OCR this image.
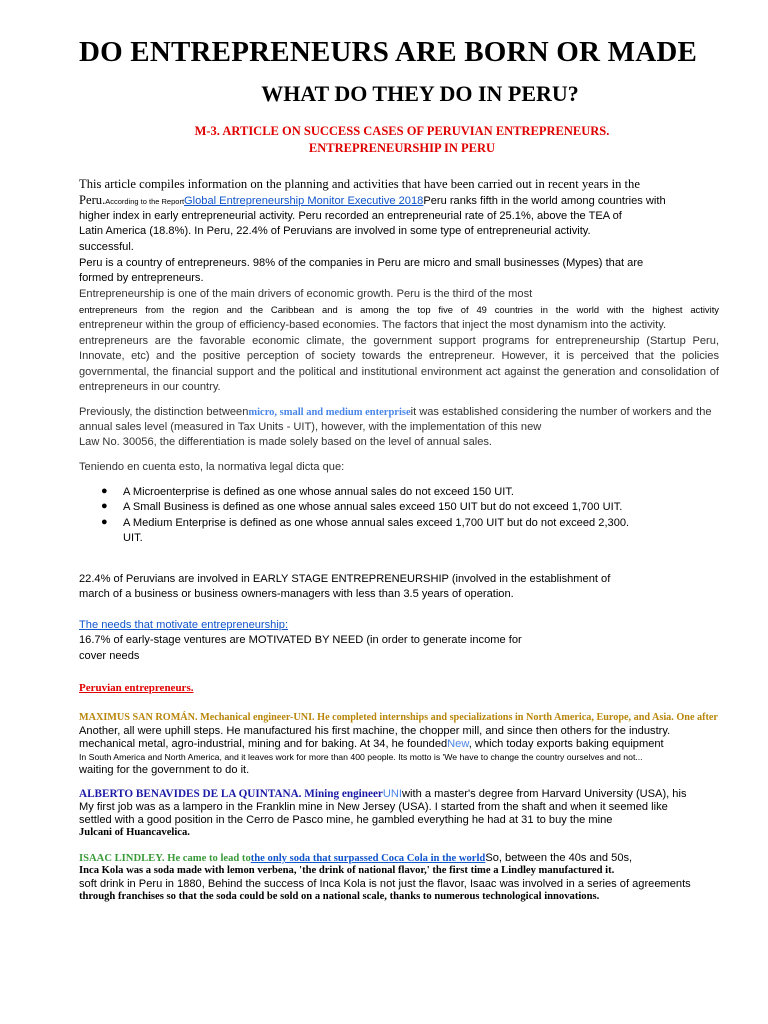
DO ENTREPRENEURS ARE BORN OR MADE
WHAT DO THEY DO IN PERU?
M-3. ARTICLE ON SUCCESS CASES OF PERUVIAN ENTREPRENEURS.
ENTREPRENEURSHIP IN PERU
This article compiles information on the planning and activities that have been carried out in recent years in the
Peru.According to the ReportGlobal Entrepreneurship Monitor Executive 2018Peru ranks fifth in the world among countries with
higher index in early entrepreneurial activity. Peru recorded an entrepreneurial rate of 25.1%, above the TEA of
Latin America (18.8%). In Peru, 22.4% of Peruvians are involved in some type of entrepreneurial activity.
successful.
Peru is a country of entrepreneurs. 98% of the companies in Peru are micro and small businesses (Mypes) that are
formed by entrepreneurs.
Entrepreneurship is one of the main drivers of economic growth. Peru is the third of the most
entrepreneurs from the region and the Caribbean and is among the top five of 49 countries in the world with the highest activity
entrepreneur within the group of efficiency-based economies. The factors that inject the most dynamism into the activity.
entrepreneurs are the favorable economic climate, the government support programs for entrepreneurship (Startup Peru,
Innovate, etc) and the positive perception of society towards the entrepreneur. However, it is perceived that the policies
governmental, the financial support and the political and institutional environment act against the generation and consolidation of
entrepreneurs in our country.
Previously, the distinction betweenmicro, small and medium enterpriseit was established considering the number of workers and the
annual sales level (measured in Tax Units - UIT), however, with the implementation of this new
Law No. 30056, the differentiation is made solely based on the level of annual sales.
Teniendo en cuenta esto, la normativa legal dicta que:
● A Microenterprise is defined as one whose annual sales do not exceed 150 UIT.
● A Small Business is defined as one whose annual sales exceed 150 UIT but do not exceed 1,700 UIT.
● A Medium Enterprise is defined as one whose annual sales exceed 1,700 UIT but do not exceed 2,300.
UIT.
22.4% of Peruvians are involved in EARLY STAGE ENTREPRENEURSHIP (involved in the establishment of
march of a business or business owners-managers with less than 3.5 years of operation.
The needs that motivate entrepreneurship:
16.7% of early-stage ventures are MOTIVATED BY NEED (in order to generate income for
cover needs
Peruvian entrepreneurs.
MAXIMUS SAN ROMÁN. Mechanical engineer-UNI. He completed internships and specializations in North America, Europe, and Asia. One after
Another, all were uphill steps. He manufactured his first machine, the chopper mill, and since then others for the industry.
mechanical metal, agro-industrial, mining and for baking. At 34, he foundedNew, which today exports baking equipment
In South America and North America, and it leaves work for more than 400 people. Its motto is 'We have to change the country ourselves and not...
waiting for the government to do it.
ALBERTO BENAVIDES DE LA QUINTANA. Mining engineerUNIwith a master's degree from Harvard University (USA), his
My first job was as a lampero in the Franklin mine in New Jersey (USA). I started from the shaft and when it seemed like
settled with a good position in the Cerro de Pasco mine, he gambled everything he had at 31 to buy the mine
Julcani of Huancavelica.
ISAAC LINDLEY. He came to lead tothe only soda that surpassed Coca Cola in the worldSo, between the 40s and 50s,
Inca Kola was a soda made with lemon verbena, 'the drink of national flavor,' the first time a Lindley manufactured it.
soft drink in Peru in 1880, Behind the success of Inca Kola is not just the flavor, Isaac was involved in a series of agreements
through franchises so that the soda could be sold on a national scale, thanks to numerous technological innovations.
